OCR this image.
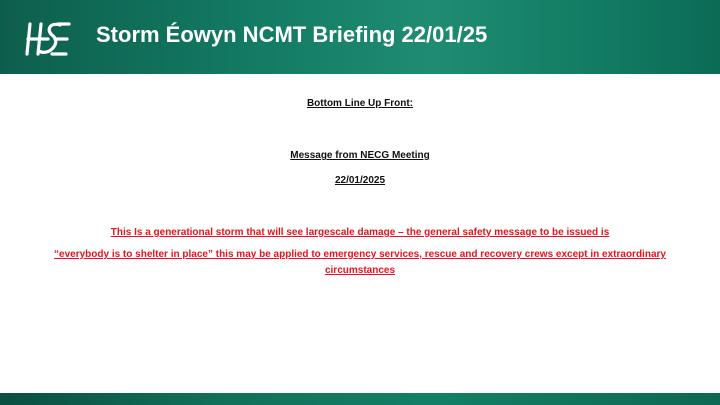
Storm Éowyn NCMT Briefing 22/01/25
Bottom Line Up Front:
Message from NECG Meeting
22/01/2025
This Is a generational storm that will see largescale damage – the general safety message to be issued is
“everybody is to shelter in place” this may be applied to emergency services, rescue and recovery crews except in extraordinary circumstances
